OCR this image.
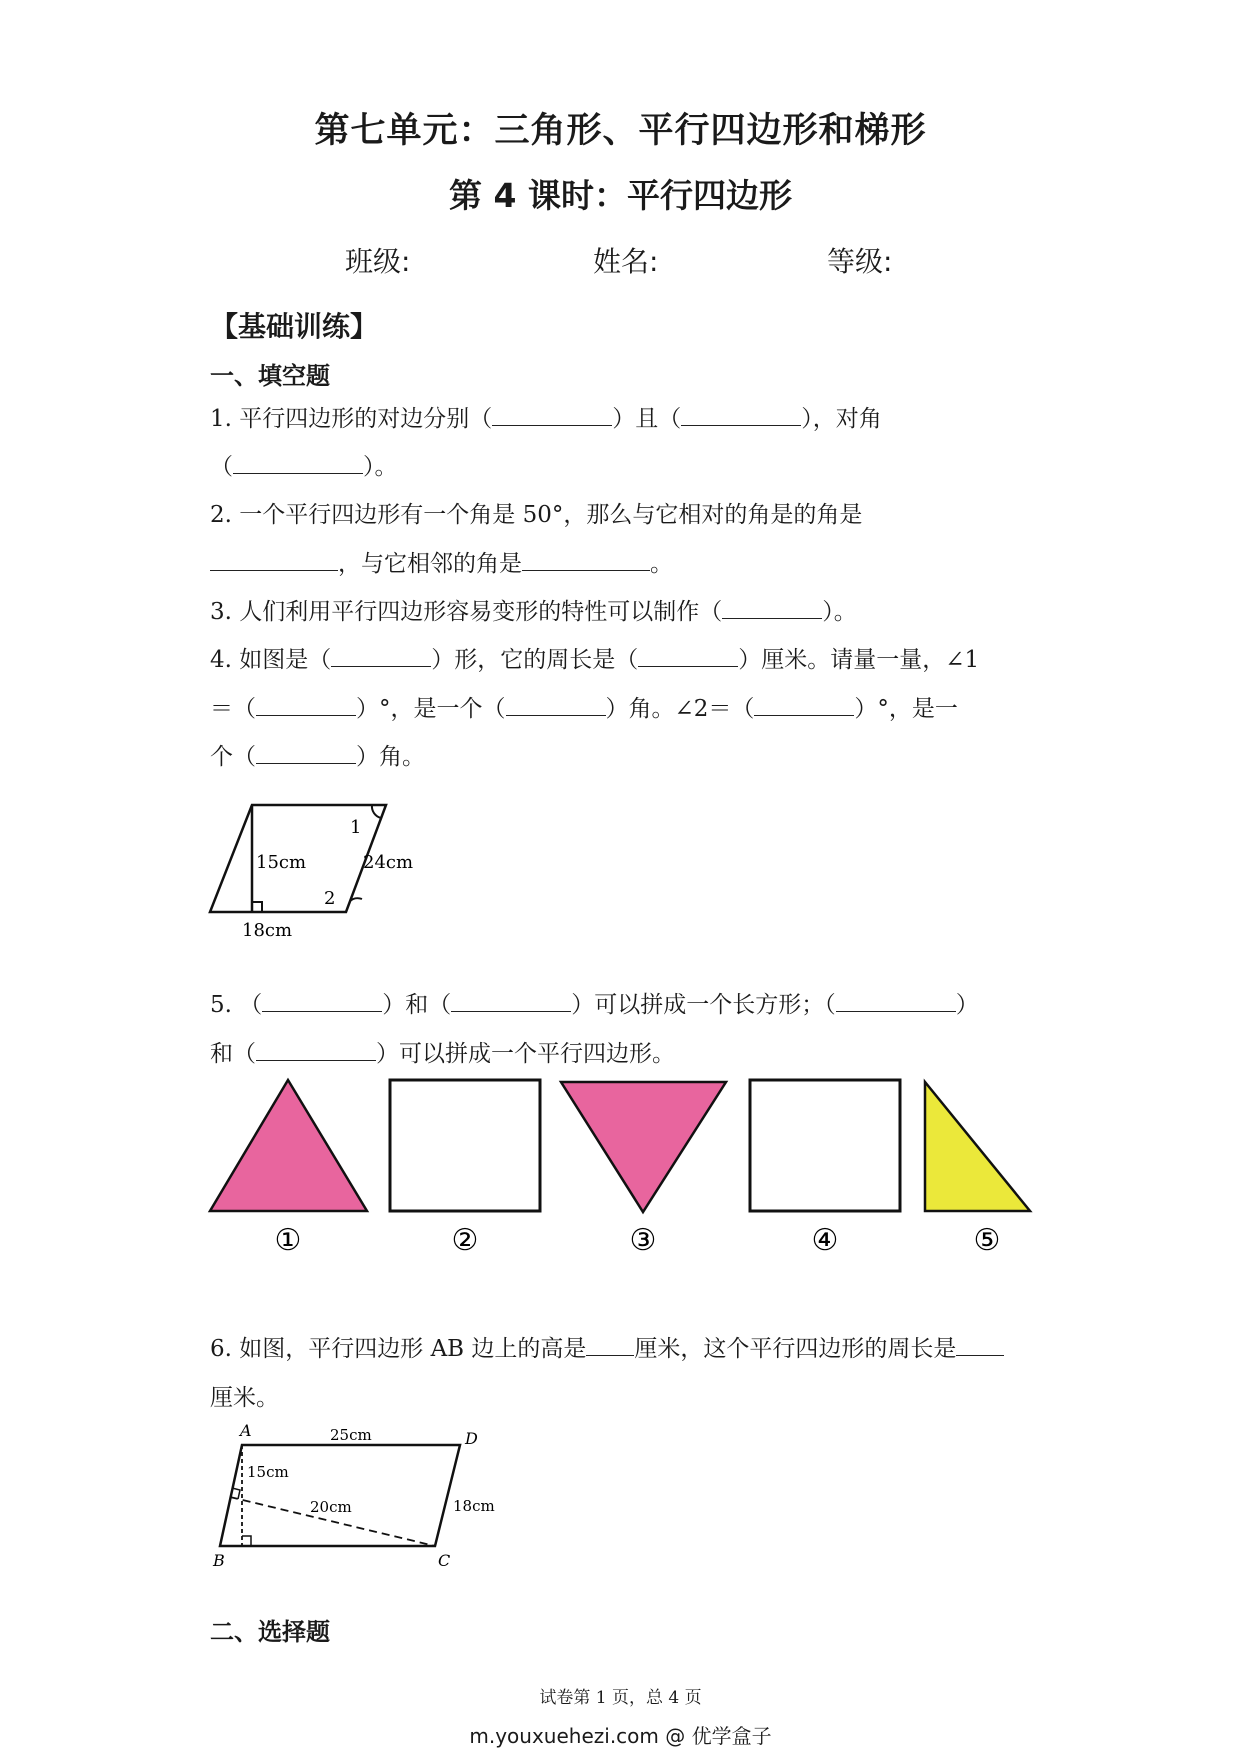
第七单元：三角形、平行四边形和梯形
第 4 课时：平行四边形
班级:	姓名:	等级:
【基础训练】
一、填空题
1. 平行四边形的对边分别（	）且（	），对角
（	）。
2. 一个平行四边形有一个角是 50°，那么与它相对的角是的角是
，与它相邻的角是	。
3. 人们利用平行四边形容易变形的特性可以制作（	）。
4. 如图是（	）形，它的周长是（	）厘米。请量一量，∠1
＝（	）°，是一个（	）角。∠2＝（	）°，是一
个（	）角。
1
2
15cm	24cm
18cm
5. （	）和（	）可以拼成一个长方形；（	）
和（	）可以拼成一个平行四边形。
①	②	③	④	⑤
6. 如图，平行四边形 AB 边上的高是 厘米，这个平行四边形的周长是
厘米。
A	D
B	C
25cm
15cm
20cm	18cm
二、选择题
试卷第 1 页，总 4 页
m.youxuehezi.com @ 优学盒子
